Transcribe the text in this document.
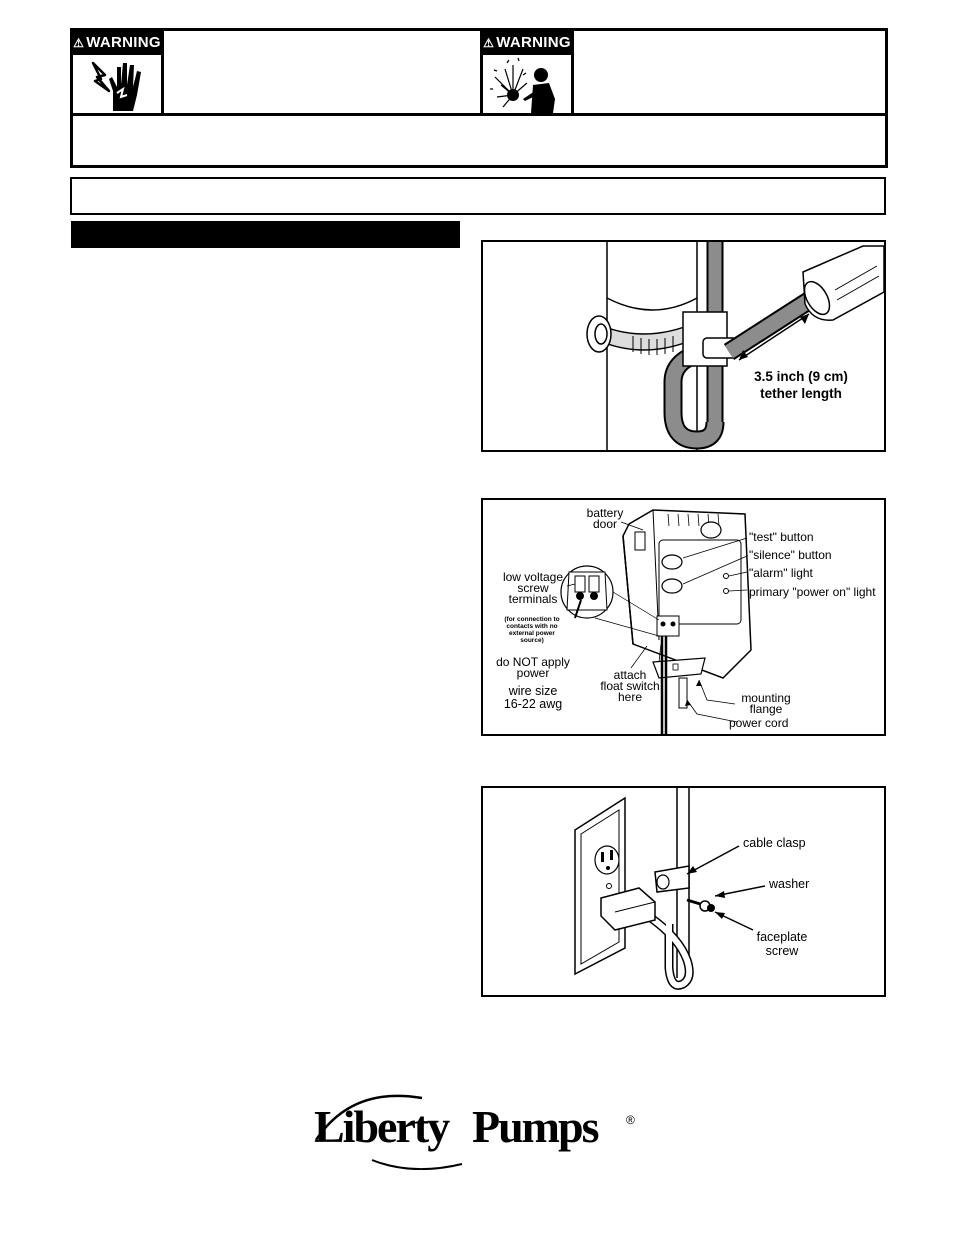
⚠ WARNING	⚠ WARNING
3.5 inch (9 cm)
tether length
battery
door
"test" button
"silence" button
"alarm" light
primary "power on" light
low voltage
screw
terminals
(for connection to
contacts with no
external power
source)
do NOT apply
power
wire size
16-22 awg
attach
float switch
here	mounting
flange
power cord
cable clasp
washer
faceplate
screw
Liberty Pumps ®
